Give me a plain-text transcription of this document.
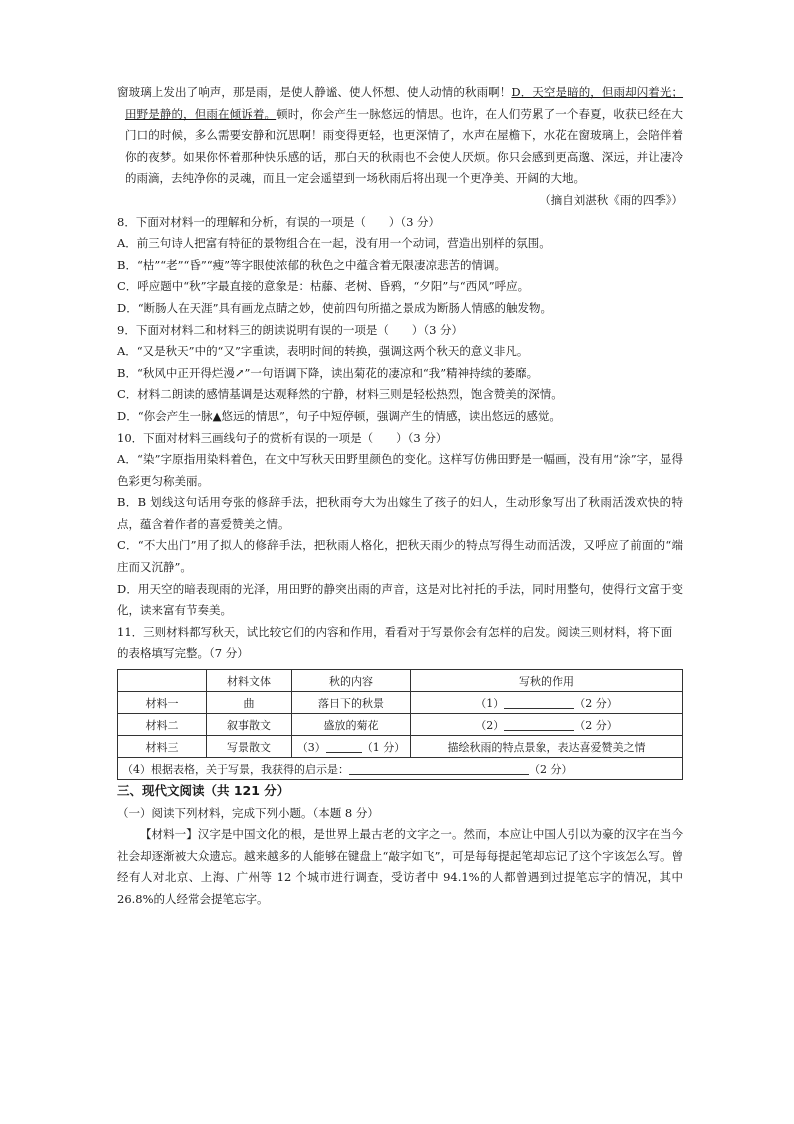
窗玻璃上发出了响声，那是雨，是使人静谧、使人怀想、使人动情的秋雨啊！D．天空是暗的，但雨却闪着光；田野是静的，但雨在倾诉着。顿时，你会产生一脉悠远的情思。也许，在人们劳累了一个春夏，收获已经在大门口的时候，多么需要安静和沉思啊！雨变得更轻，也更深情了，水声在屋檐下，水花在窗玻璃上，会陪伴着你的夜梦。如果你怀着那种快乐感的话，那白天的秋雨也不会使人厌烦。你只会感到更高邈、深远，并让凄冷的雨滴，去纯净你的灵魂，而且一定会遥望到一场秋雨后将出现一个更净美、开阔的大地。

（摘自刘湛秋《雨的四季》）

8．下面对材料一的理解和分析，有误的一项是（　　）（3 分）

A．前三句诗人把富有特征的景物组合在一起，没有用一个动词，营造出别样的氛围。

B．“枯”“老”“昏”“瘦”等字眼使浓郁的秋色之中蕴含着无限凄凉悲苦的情调。

C．呼应题中“秋”字最直接的意象是：枯藤、老树、昏鸦，“夕阳”与“西风”呼应。

D．“断肠人在天涯”具有画龙点睛之妙，使前四句所描之景成为断肠人情感的触发物。

9．下面对材料二和材料三的朗读说明有误的一项是（　　）（3 分）

A．“又是秋天”中的“又”字重读，表明时间的转换，强调这两个秋天的意义非凡。

B．“秋风中正开得烂漫↗”一句语调下降，读出菊花的凄凉和“我”精神持续的萎靡。

C．材料二朗读的感情基调是达观释然的宁静，材料三则是轻松热烈，饱含赞美的深情。

D．“你会产生一脉▲悠远的情思”，句子中短停顿，强调产生的情感，读出悠远的感觉。

10．下面对材料三画线句子的赏析有误的一项是（　　）（3 分）

A．“染”字原指用染料着色，在文中写秋天田野里颜色的变化。这样写仿佛田野是一幅画，没有用“涂”字，显得色彩更匀称美丽。

B．B 划线这句话用夸张的修辞手法，把秋雨夸大为出嫁生了孩子的妇人，生动形象写出了秋雨活泼欢快的特点，蕴含着作者的喜爱赞美之情。

C．“不大出门”用了拟人的修辞手法，把秋雨人格化，把秋天雨少的特点写得生动而活泼，又呼应了前面的“端庄而又沉静”。

D．用天空的暗表现雨的光泽，用田野的静突出雨的声音，这是对比衬托的手法，同时用整句，使得行文富于变化，读来富有节奏美。

11．三则材料都写秋天，试比较它们的内容和作用，看看对于写景你会有怎样的启发。阅读三则材料，将下面的表格填写完整。（7 分）

	材料文体	秋的内容	写秋的作用
材料一	曲	落日下的秋景	（1） （2 分）
材料二	叙事散文	盛放的菊花	（2） （2 分）
材料三	写景散文	（3） （1 分）	描绘秋雨的特点景象，表达喜爱赞美之情
（4）根据表格，关于写景，我获得的启示是： （2 分）			

三、现代文阅读（共 121 分）

（一）阅读下列材料，完成下列小题。（本题 8 分）

【材料一】汉字是中国文化的根，是世界上最古老的文字之一。然而，本应让中国人引以为豪的汉字在当今社会却逐渐被大众遗忘。越来越多的人能够在键盘上“敲字如飞”，可是每每提起笔却忘记了这个字该怎么写。曾经有人对北京、上海、广州等 12 个城市进行调查，受访者中 94.1%的人都曾遇到过提笔忘字的情况，其中 26.8%的人经常会提笔忘字。
